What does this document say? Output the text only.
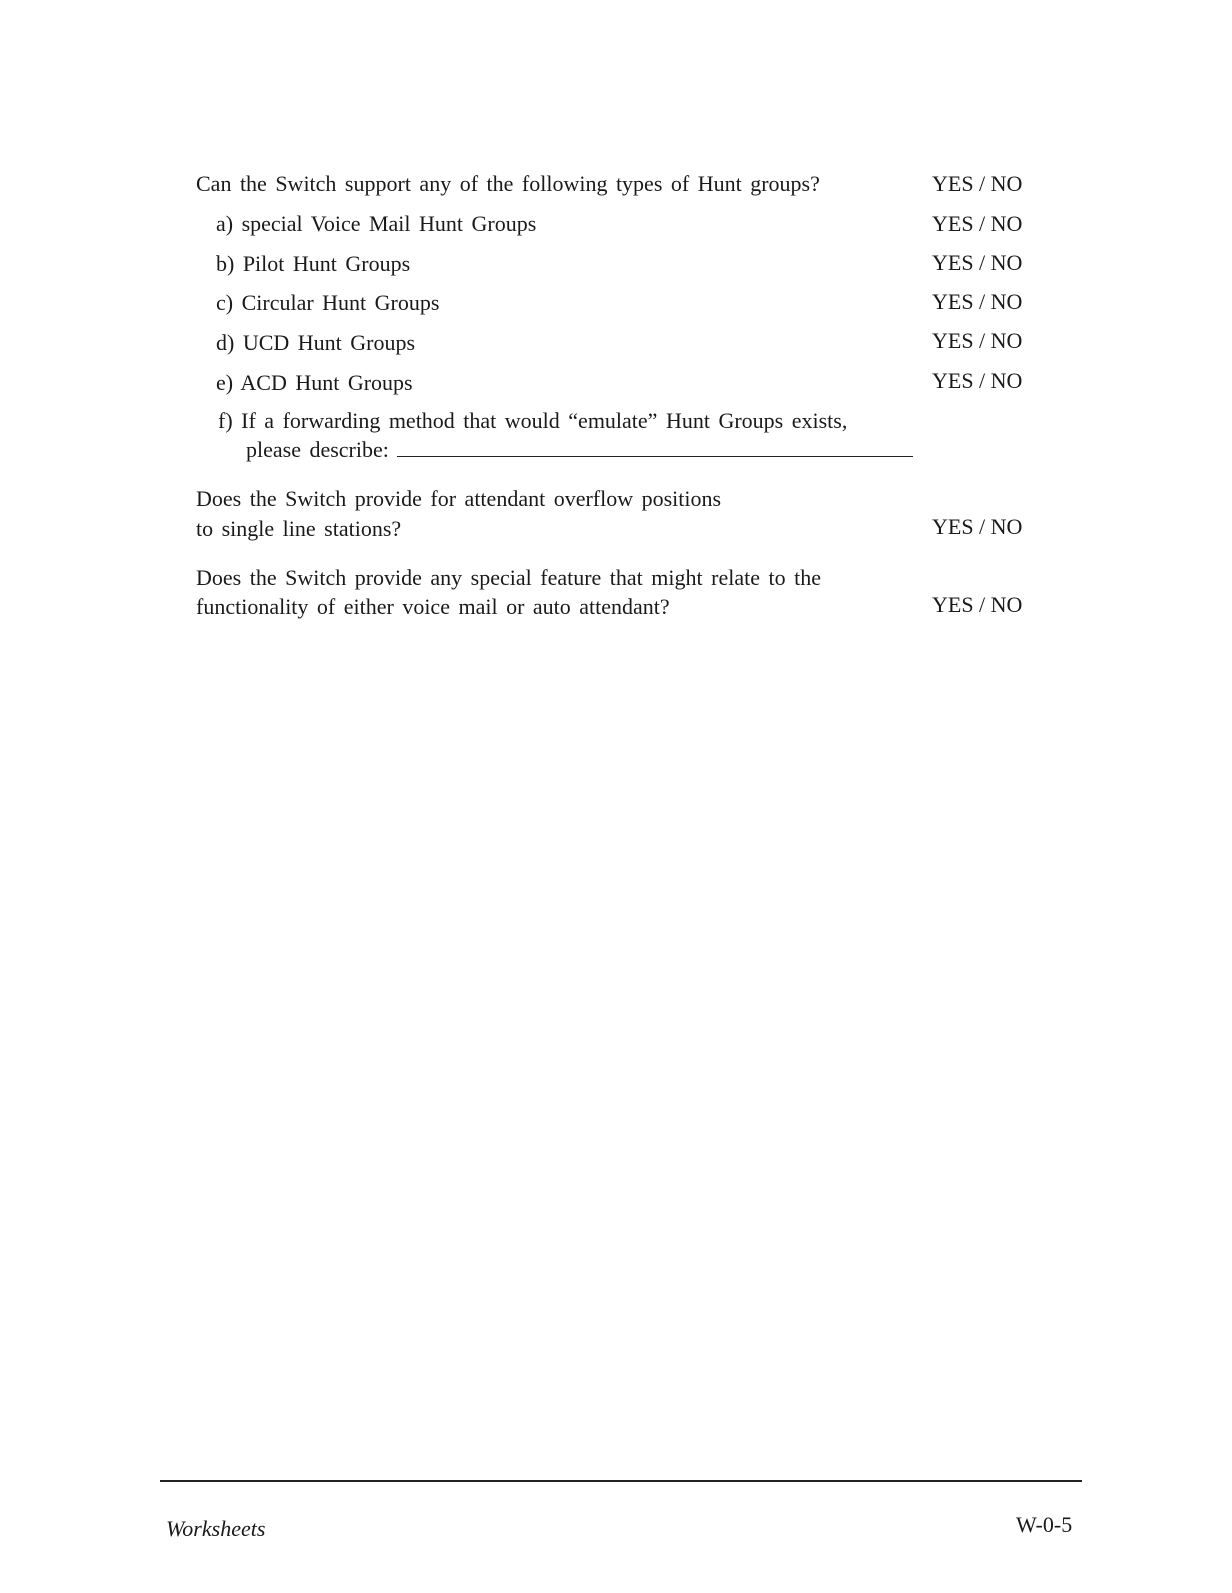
Can the Switch support any of the following types of Hunt groups?	YES / NO
a) special Voice Mail Hunt Groups	YES / NO
b) Pilot Hunt Groups	YES / NO
c) Circular Hunt Groups	YES / NO
d) UCD Hunt Groups	YES / NO
e) ACD Hunt Groups	YES / NO
f) If a forwarding method that would “emulate” Hunt Groups exists,
please describe:
Does the Switch provide for attendant overflow positions
to single line stations?	YES / NO
Does the Switch provide any special feature that might relate to the
functionality of either voice mail or auto attendant?	YES / NO
Worksheets	W-0-5
